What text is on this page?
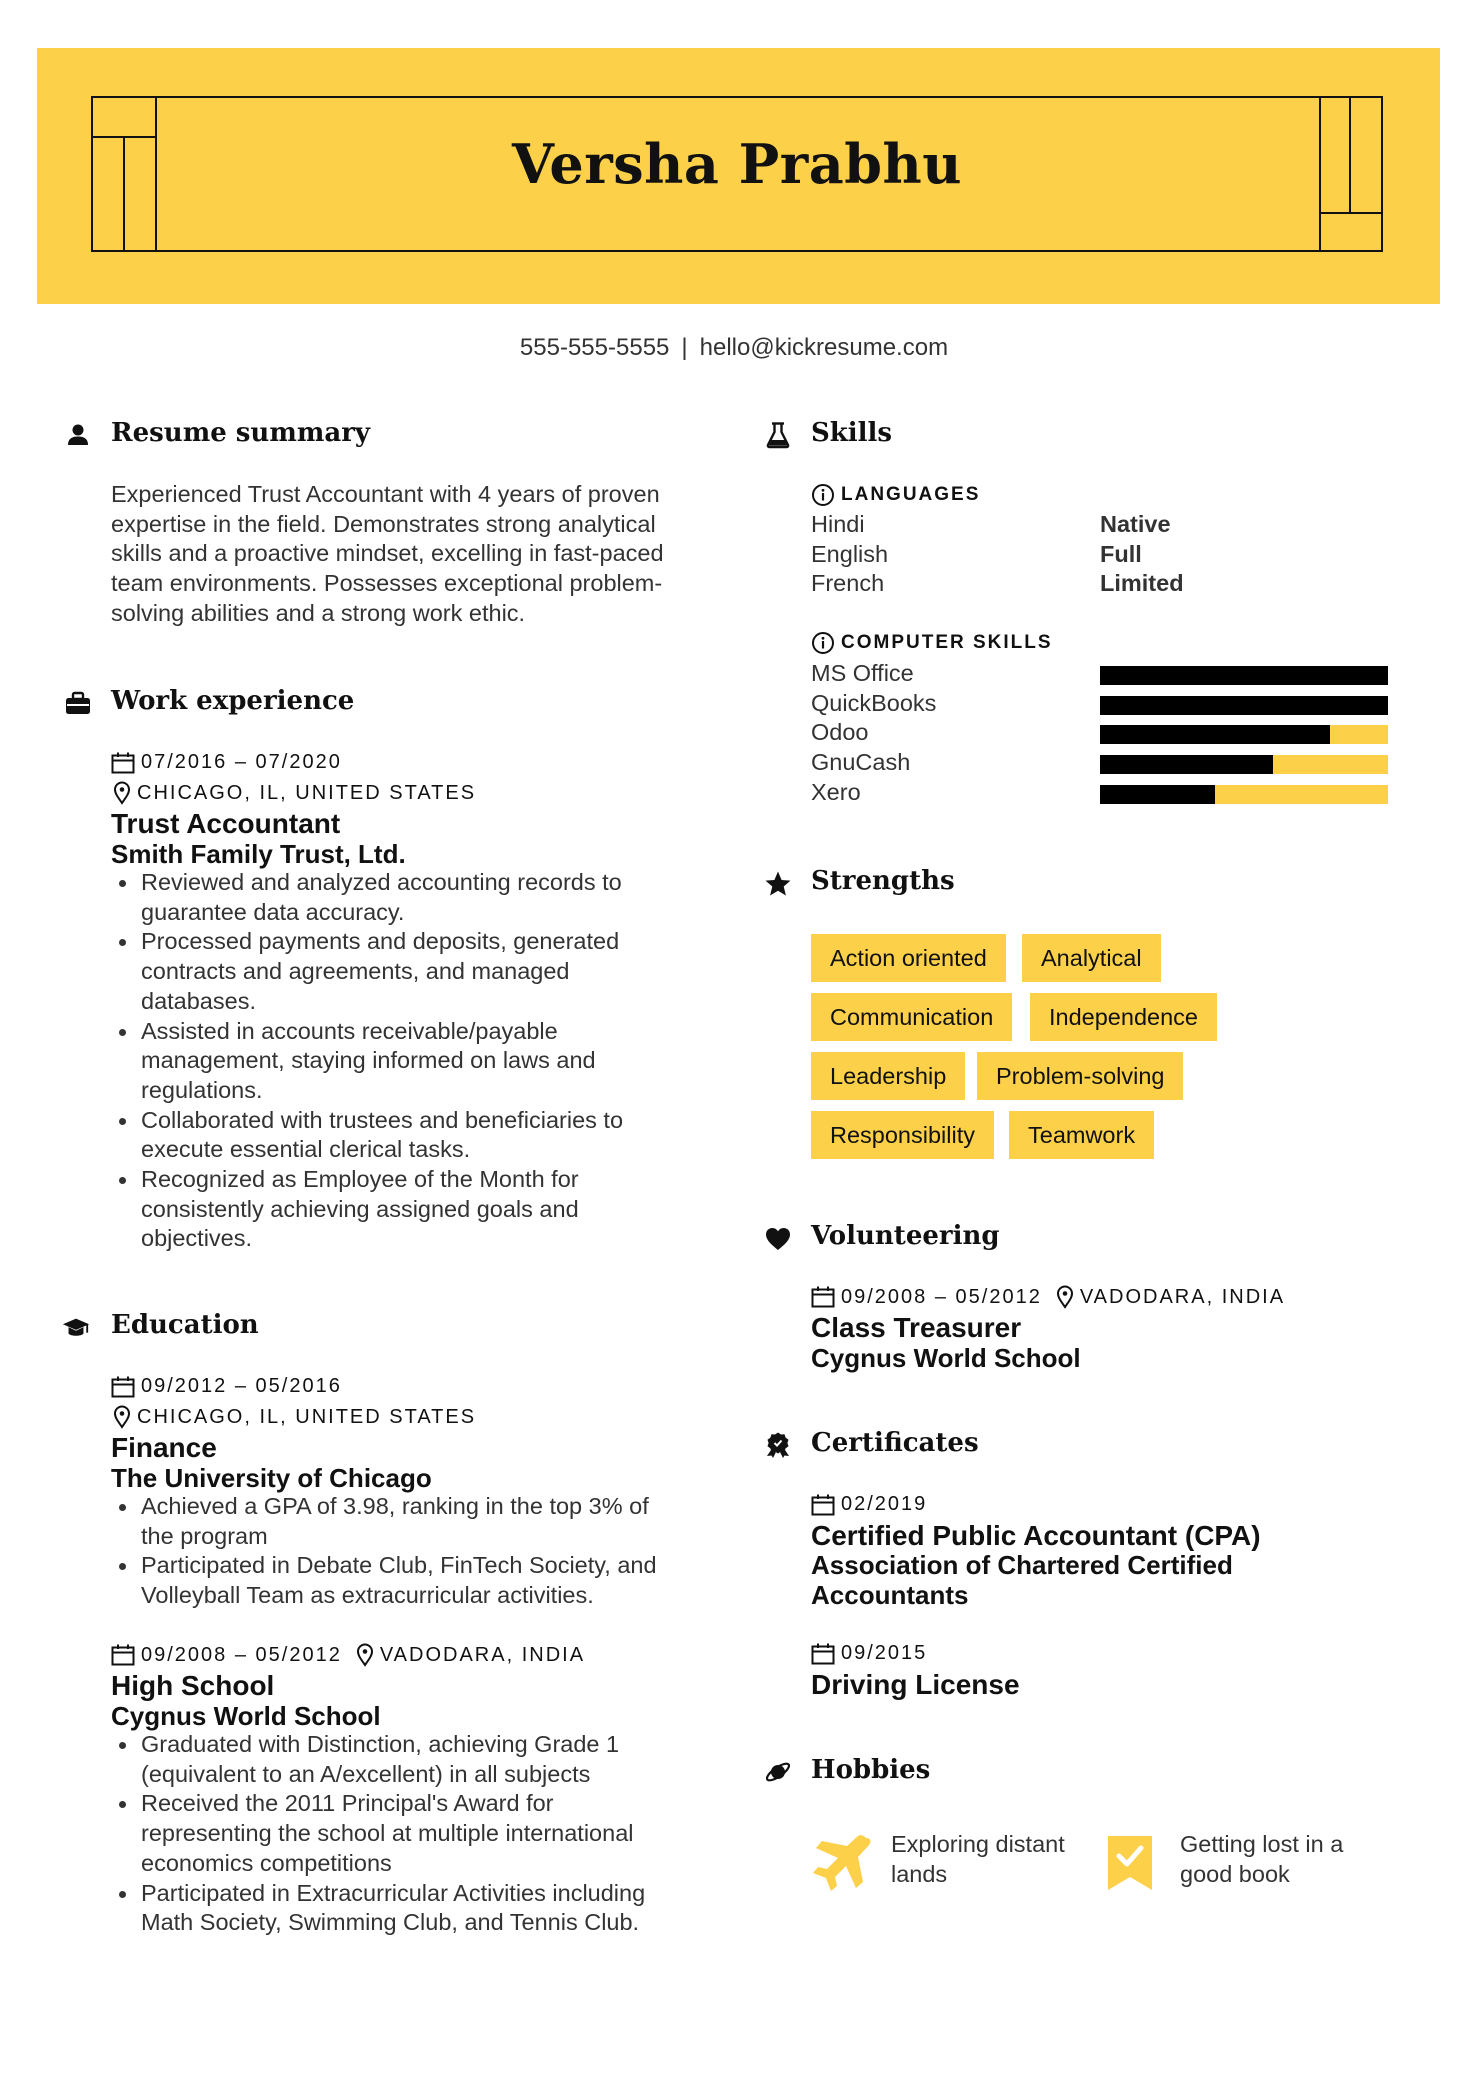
Versha Prabhu
555-555-5555 | hello@kickresume.com
Resume summary
Experienced Trust Accountant with 4 years of proven
expertise in the field. Demonstrates strong analytical
skills and a proactive mindset, excelling in fast-paced
team environments. Possesses exceptional problem-
solving abilities and a strong work ethic.
Work experience
07/2016 – 07/2020
CHICAGO, IL, UNITED STATES
Trust Accountant
Smith Family Trust, Ltd.
Reviewed and analyzed accounting records to
guarantee data accuracy.
Processed payments and deposits, generated
contracts and agreements, and managed
databases.
Assisted in accounts receivable/payable
management, staying informed on laws and
regulations.
Collaborated with trustees and beneficiaries to
execute essential clerical tasks.
Recognized as Employee of the Month for
consistently achieving assigned goals and
objectives.
Education
09/2012 – 05/2016
CHICAGO, IL, UNITED STATES
Finance
The University of Chicago
Achieved a GPA of 3.98, ranking in the top 3% of
the program
Participated in Debate Club, FinTech Society, and
Volleyball Team as extracurricular activities.
09/2008 – 05/2012 VADODARA, INDIA
High School
Cygnus World School
Graduated with Distinction, achieving Grade 1
(equivalent to an A/excellent) in all subjects
Received the 2011 Principal's Award for
representing the school at multiple international
economics competitions
Participated in Extracurricular Activities including
Math Society, Swimming Club, and Tennis Club.
Skills
LANGUAGES
Hindi	Native
English	Full
French	Limited
COMPUTER SKILLS
MS Office
QuickBooks
Odoo
GnuCash
Xero
Strengths
Action oriented	Analytical
Communication	Independence
Leadership	Problem-solving
Responsibility	Teamwork
Volunteering
09/2008 – 05/2012 VADODARA, INDIA
Class Treasurer
Cygnus World School
Certificates
02/2019
Certified Public Accountant (CPA)
Association of Chartered Certified
Accountants
09/2015
Driving License
Hobbies
Exploring distant
lands
Getting lost in a
good book
